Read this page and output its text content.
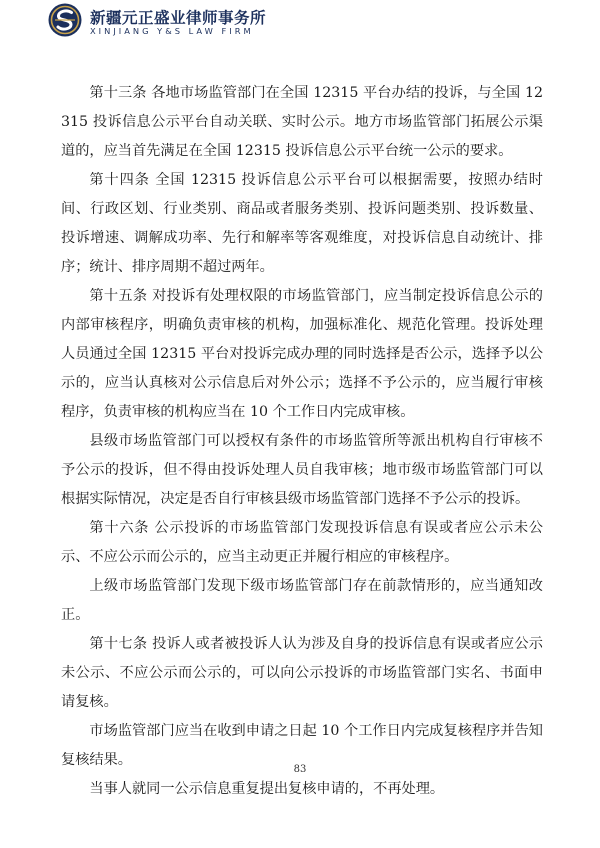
新疆元正盛业律师事务所
XINJIANG Y&S LAW FIRM

第十三条 各地市场监管部门在全国 12315 平台办结的投诉，与全国 12315 投诉信息公示平台自动关联、实时公示。地方市场监管部门拓展公示渠道的，应当首先满足在全国 12315 投诉信息公示平台统一公示的要求。

第十四条 全国 12315 投诉信息公示平台可以根据需要，按照办结时间、行政区划、行业类别、商品或者服务类别、投诉问题类别、投诉数量、投诉增速、调解成功率、先行和解率等客观维度，对投诉信息自动统计、排序；统计、排序周期不超过两年。

第十五条 对投诉有处理权限的市场监管部门，应当制定投诉信息公示的内部审核程序，明确负责审核的机构，加强标准化、规范化管理。投诉处理人员通过全国 12315 平台对投诉完成办理的同时选择是否公示，选择予以公示的，应当认真核对公示信息后对外公示；选择不予公示的，应当履行审核程序，负责审核的机构应当在 10 个工作日内完成审核。

县级市场监管部门可以授权有条件的市场监管所等派出机构自行审核不予公示的投诉，但不得由投诉处理人员自我审核；地市级市场监管部门可以根据实际情况，决定是否自行审核县级市场监管部门选择不予公示的投诉。

第十六条 公示投诉的市场监管部门发现投诉信息有误或者应公示未公示、不应公示而公示的，应当主动更正并履行相应的审核程序。

上级市场监管部门发现下级市场监管部门存在前款情形的，应当通知改正。

第十七条 投诉人或者被投诉人认为涉及自身的投诉信息有误或者应公示未公示、不应公示而公示的，可以向公示投诉的市场监管部门实名、书面申请复核。

市场监管部门应当在收到申请之日起 10 个工作日内完成复核程序并告知复核结果。

当事人就同一公示信息重复提出复核申请的，不再处理。

83
